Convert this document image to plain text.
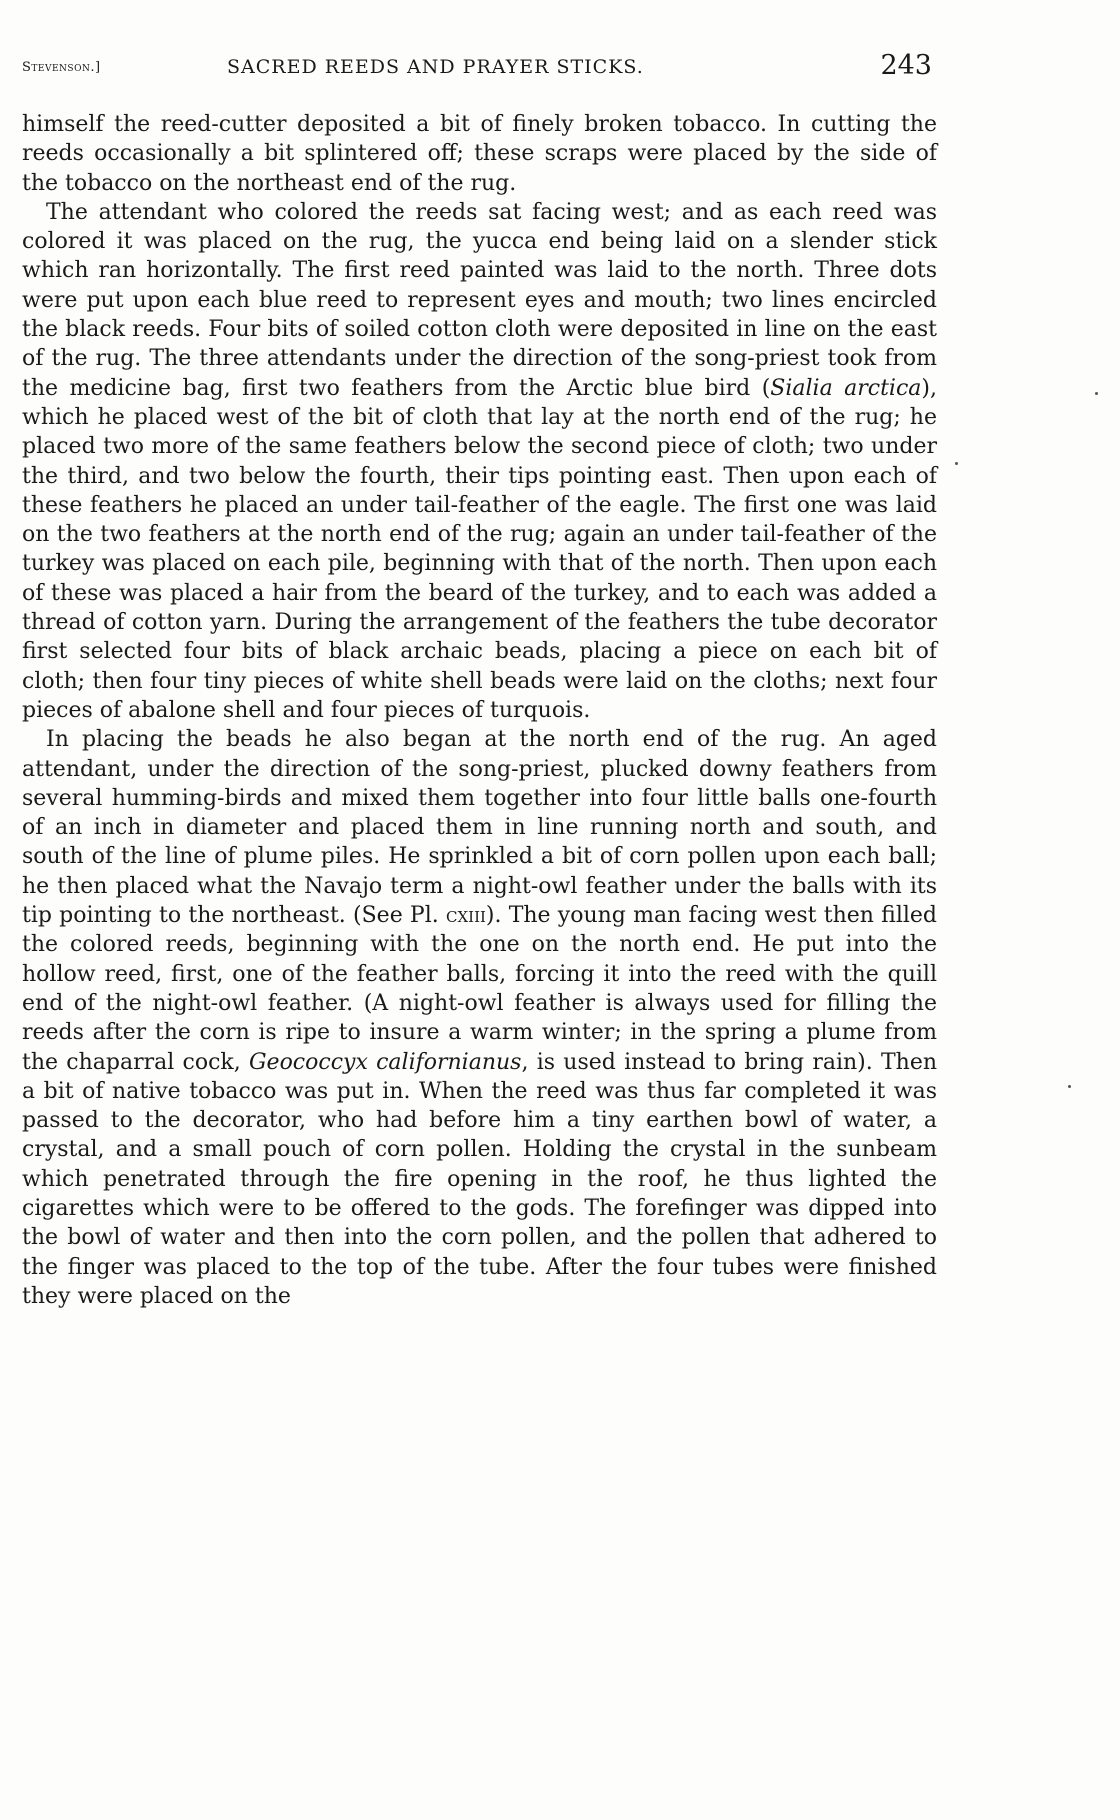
Stevenson.]	SACRED REEDS AND PRAYER STICKS.	243

himself the reed-cutter deposited a bit of finely broken tobacco. In cutting the reeds occasionally a bit splintered off; these scraps were placed by the side of the tobacco on the northeast end of the rug.

The attendant who colored the reeds sat facing west; and as each reed was colored it was placed on the rug, the yucca end being laid on a slender stick which ran horizontally. The first reed painted was laid to the north. Three dots were put upon each blue reed to represent eyes and mouth; two lines encircled the black reeds. Four bits of soiled cotton cloth were deposited in line on the east of the rug. The three attendants under the direction of the song-priest took from the medicine bag, first two feathers from the Arctic blue bird (Sialia arctica), which he placed west of the bit of cloth that lay at the north end of the rug; he placed two more of the same feathers below the second piece of cloth; two under the third, and two below the fourth, their tips pointing east. Then upon each of these feathers he placed an under tail-feather of the eagle. The first one was laid on the two feathers at the north end of the rug; again an under tail-feather of the turkey was placed on each pile, beginning with that of the north. Then upon each of these was placed a hair from the beard of the turkey, and to each was added a thread of cotton yarn. During the arrangement of the feathers the tube decorator first selected four bits of black archaic beads, placing a piece on each bit of cloth; then four tiny pieces of white shell beads were laid on the cloths; next four pieces of abalone shell and four pieces of turquois.

In placing the beads he also began at the north end of the rug. An aged attendant, under the direction of the song-priest, plucked downy feathers from several humming-birds and mixed them together into four little balls one-fourth of an inch in diameter and placed them in line running north and south, and south of the line of plume piles. He sprinkled a bit of corn pollen upon each ball; he then placed what the Navajo term a night-owl feather under the balls with its tip pointing to the northeast. (See Pl. cxiii). The young man facing west then filled the colored reeds, beginning with the one on the north end. He put into the hollow reed, first, one of the feather balls, forcing it into the reed with the quill end of the night-owl feather. (A night-owl feather is always used for filling the reeds after the corn is ripe to insure a warm winter; in the spring a plume from the chaparral cock, Geococcyx californianus, is used instead to bring rain). Then a bit of native tobacco was put in. When the reed was thus far completed it was passed to the decorator, who had before him a tiny earthen bowl of water, a crystal, and a small pouch of corn pollen. Holding the crystal in the sunbeam which penetrated through the fire opening in the roof, he thus lighted the cigarettes which were to be offered to the gods. The forefinger was dipped into the bowl of water and then into the corn pollen, and the pollen that adhered to the finger was placed to the top of the tube. After the four tubes were finished they were placed on the
